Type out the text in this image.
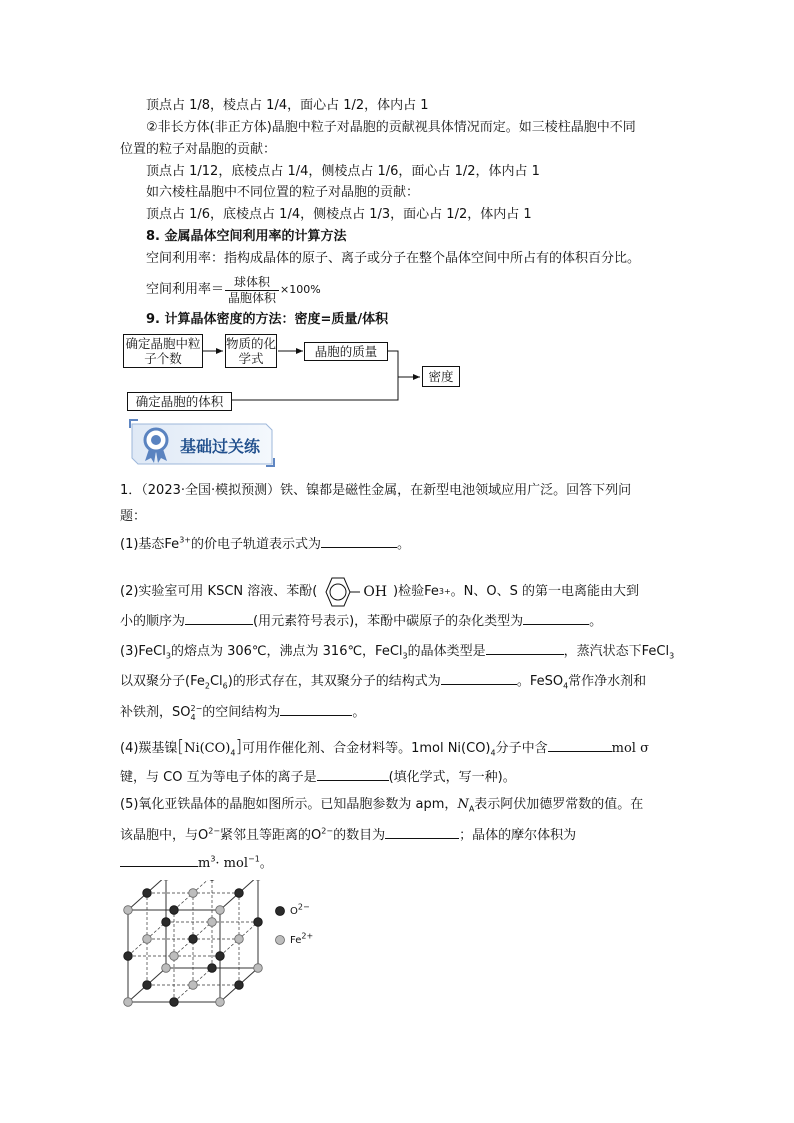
顶点占 1/8，棱点占 1/4，面心占 1/2，体内占 1
②非长方体(非正方体)晶胞中粒子对晶胞的贡献视具体情况而定。如三棱柱晶胞中不同
位置的粒子对晶胞的贡献：
顶点占 1/12，底棱点占 1/4，侧棱点占 1/6，面心占 1/2，体内占 1
如六棱柱晶胞中不同位置的粒子对晶胞的贡献：
顶点占 1/6，底棱点占 1/4，侧棱点占 1/3，面心占 1/2，体内占 1
8. 金属晶体空间利用率的计算方法
空间利用率：指构成晶体的原子、离子或分子在整个晶体空间中所占有的体积百分比。
空间利用率＝ $\frac{\text{球体积}}{\text{晶胞体积}} \times 100\%$
9. 计算晶体密度的方法：密度=质量/体积
确定晶胞中粒子个数
物质的化学式	晶胞的质量
密度
确定晶胞的体积
基础过关练
1．（2023·全国·模拟预测）铁、镍都是磁性金属，在新型电池领域应用广泛。回答下列问
题：
(1)基态$Fe^{3+}$的价电子轨道表示式为	。
(2)实验室可用 KSCN 溶液、苯酚(	OH )检验Fe 3+ 。N、O、S 的第一电离能由大到
小的顺序为	(用元素符号表示)，苯酚中碳原子的杂化类型为	。
(3)FeCl$_3$的熔点为 306℃，沸点为 316℃，FeCl$_3$的晶体类型是	，蒸汽状态下FeCl$_3$
以双聚分子$(Fe_2Cl_6)$的形式存在，其双聚分子的结构式为	。FeSO$_4$常作净水剂和
补铁剂，SO 2−
4 的空间结构为	。
(4)羰基镍$[Ni(CO)_4]$可用作催化剂、合金材料等。1mol $Ni(CO)_4$分子中含	mol σ
键，与 CO 互为等电子体的离子是	(填化学式，写一种)。
(5)氧化亚铁晶体的晶胞如图所示。已知晶胞参数为 apm，$N_A$表示阿伏加德罗常数的值。在
该晶胞中，与$O^{2-}$紧邻且等距离的$O^{2-}$的数目为	；晶体的摩尔体积为
$m^3\cdot mol^{-1}$。
$O^{2-}$
$Fe^{2+}$
